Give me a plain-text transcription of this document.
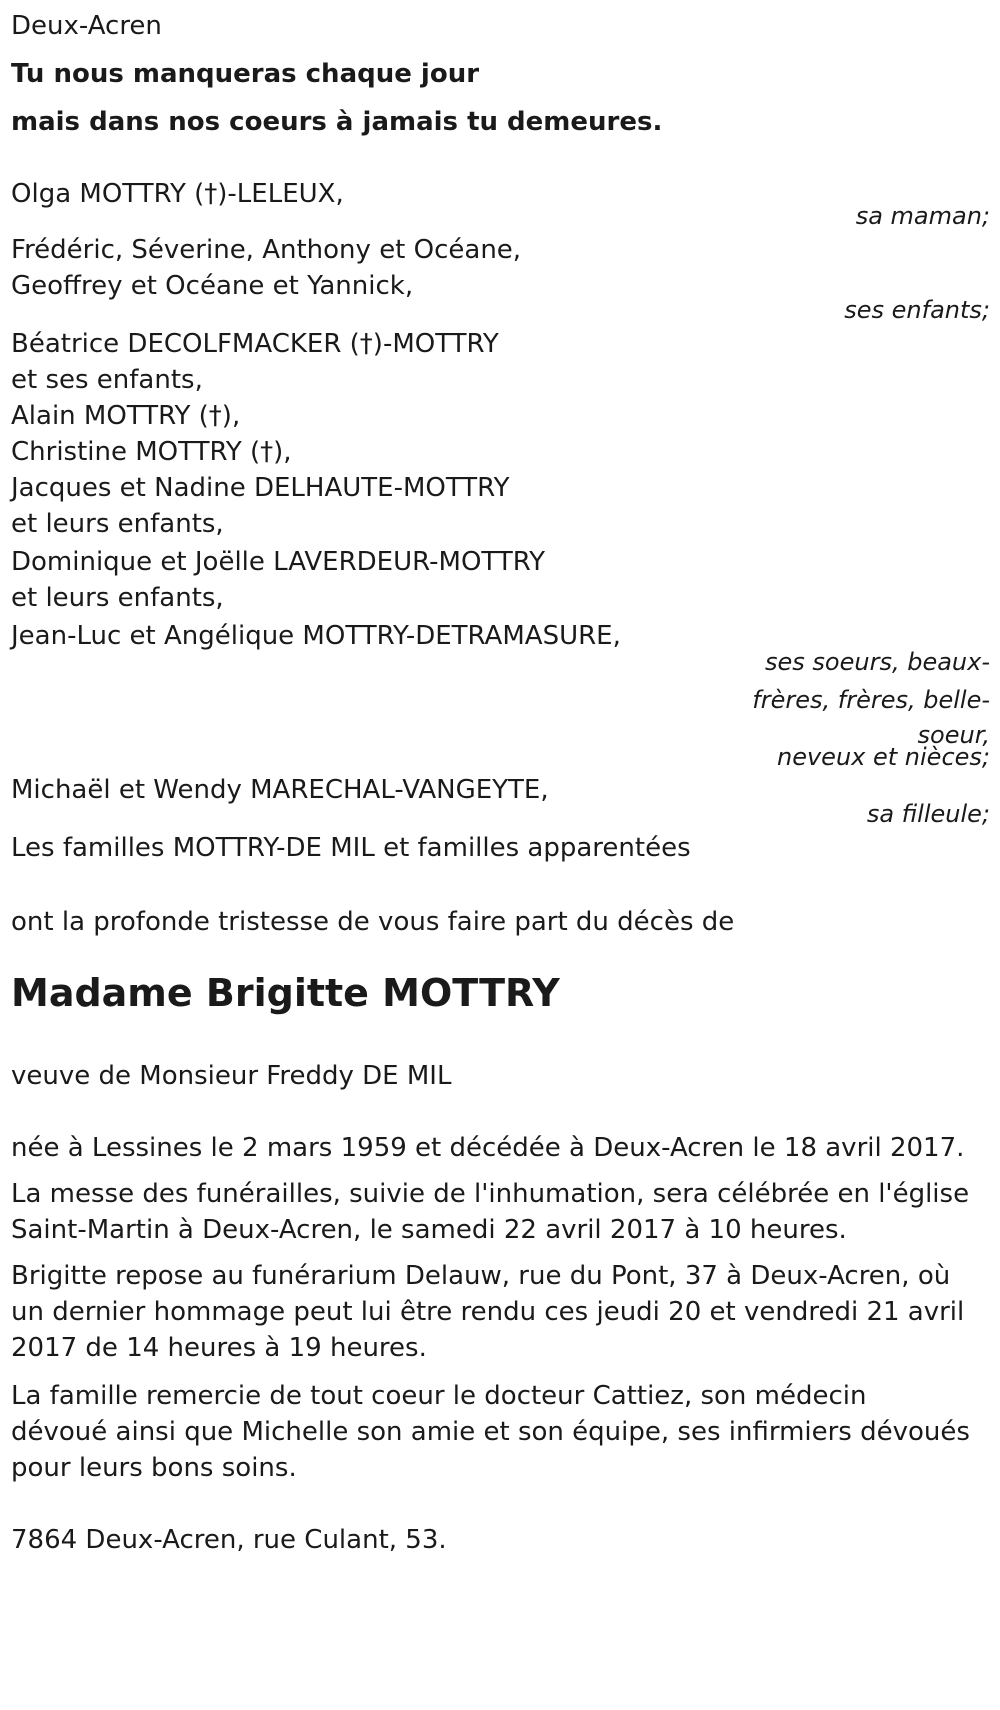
Deux-Acren
Tu nous manqueras chaque jour
mais dans nos coeurs à jamais tu demeures.
Olga MOTTRY (†)-LELEUX,
sa maman;
Frédéric, Séverine, Anthony et Océane,
Geoffrey et Océane et Yannick,
ses enfants;
Béatrice DECOLFMACKER (†)-MOTTRY
et ses enfants,
Alain MOTTRY (†),
Christine MOTTRY (†),
Jacques et Nadine DELHAUTE-MOTTRY
et leurs enfants,
Dominique et Joëlle LAVERDEUR-MOTTRY
et leurs enfants,
Jean-Luc et Angélique MOTTRY-DETRAMASURE,
ses soeurs, beaux-
frères, frères, belle-
soeur,
neveux et nièces;
Michaël et Wendy MARECHAL-VANGEYTE,
sa filleule;
Les familles MOTTRY-DE MIL et familles apparentées
ont la profonde tristesse de vous faire part du décès de
Madame Brigitte MOTTRY
veuve de Monsieur Freddy DE MIL
née à Lessines le 2 mars 1959 et décédée à Deux-Acren le 18 avril 2017.
La messe des funérailles, suivie de l'inhumation, sera célébrée en l'église
Saint-Martin à Deux-Acren, le samedi 22 avril 2017 à 10 heures.
Brigitte repose au funérarium Delauw, rue du Pont, 37 à Deux-Acren, où
un dernier hommage peut lui être rendu ces jeudi 20 et vendredi 21 avril
2017 de 14 heures à 19 heures.
La famille remercie de tout coeur le docteur Cattiez, son médecin
dévoué ainsi que Michelle son amie et son équipe, ses infirmiers dévoués
pour leurs bons soins.
7864 Deux-Acren, rue Culant, 53.
